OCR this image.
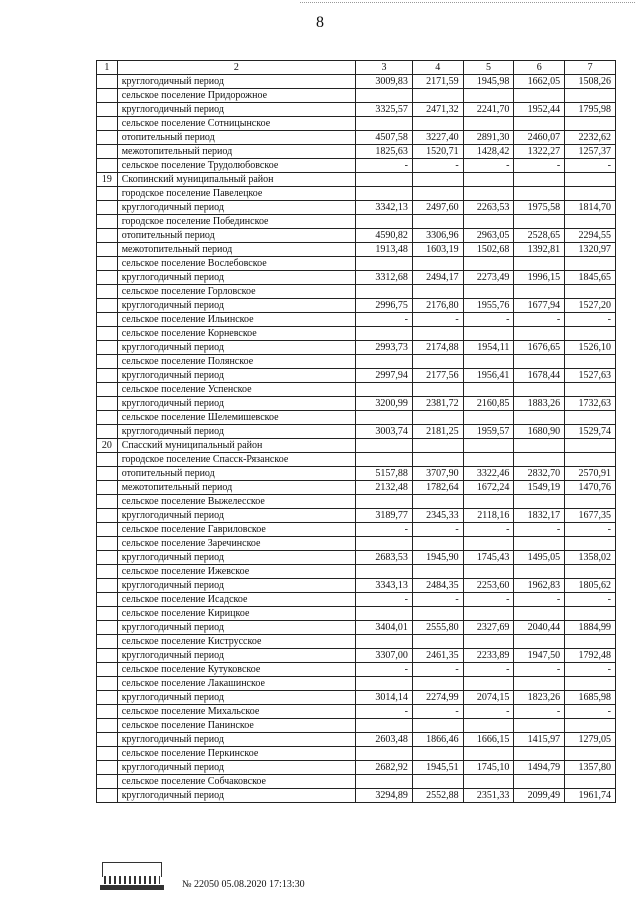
8
1	2	3	4	5	6	7
	круглогодичный период	3009,83	2171,59	1945,98	1662,05	1508,26
	сельское поселение Придорожное					
	круглогодичный период	3325,57	2471,32	2241,70	1952,44	1795,98
	сельское поселение Сотницынское					
	отопительный период	4507,58	3227,40	2891,30	2460,07	2232,62
	межотопительный период	1825,63	1520,71	1428,42	1322,27	1257,37
	сельское поселение Трудолюбовское	-	-	-	-	-
19	Скопинский муниципальный район					
	городское поселение Павелецкое					
	круглогодичный период	3342,13	2497,60	2263,53	1975,58	1814,70
	городское поселение Побединское					
	отопительный период	4590,82	3306,96	2963,05	2528,65	2294,55
	межотопительный период	1913,48	1603,19	1502,68	1392,81	1320,97
	сельское поселение Вослебовское					
	круглогодичный период	3312,68	2494,17	2273,49	1996,15	1845,65
	сельское поселение Горловское					
	круглогодичный период	2996,75	2176,80	1955,76	1677,94	1527,20
	сельское поселение Ильинское	-	-	-	-	-
	сельское поселение Корневское					
	круглогодичный период	2993,73	2174,88	1954,11	1676,65	1526,10
	сельское поселение Полянское					
	круглогодичный период	2997,94	2177,56	1956,41	1678,44	1527,63
	сельское поселение Успенское					
	круглогодичный период	3200,99	2381,72	2160,85	1883,26	1732,63
	сельское поселение Шелемишевское					
	круглогодичный период	3003,74	2181,25	1959,57	1680,90	1529,74
20	Спасский муниципальный район					
	городское поселение Спасск-Рязанское					
	отопительный период	5157,88	3707,90	3322,46	2832,70	2570,91
	межотопительный период	2132,48	1782,64	1672,24	1549,19	1470,76
	сельское поселение Выжелесское					
	круглогодичный период	3189,77	2345,33	2118,16	1832,17	1677,35
	сельское поселение Гавриловское	-	-	-	-	-
	сельское поселение Заречинское					
	круглогодичный период	2683,53	1945,90	1745,43	1495,05	1358,02
	сельское поселение Ижевское					
	круглогодичный период	3343,13	2484,35	2253,60	1962,83	1805,62
	сельское поселение Исадское	-	-	-	-	-
	сельское поселение Кирицкое					
	круглогодичный период	3404,01	2555,80	2327,69	2040,44	1884,99
	сельское поселение Киструсское					
	круглогодичный период	3307,00	2461,35	2233,89	1947,50	1792,48
	сельское поселение Кутуковское	-	-	-	-	-
	сельское поселение Лакашинское					
	круглогодичный период	3014,14	2274,99	2074,15	1823,26	1685,98
	сельское поселение Михальское	-	-	-	-	-
	сельское поселение Панинское					
	круглогодичный период	2603,48	1866,46	1666,15	1415,97	1279,05
	сельское поселение Перкинское					
	круглогодичный период	2682,92	1945,51	1745,10	1494,79	1357,80
	сельское поселение Собчаковское					
	круглогодичный период	3294,89	2552,88	2351,33	2099,49	1961,74
№ 22050 05.08.2020 17:13:30
